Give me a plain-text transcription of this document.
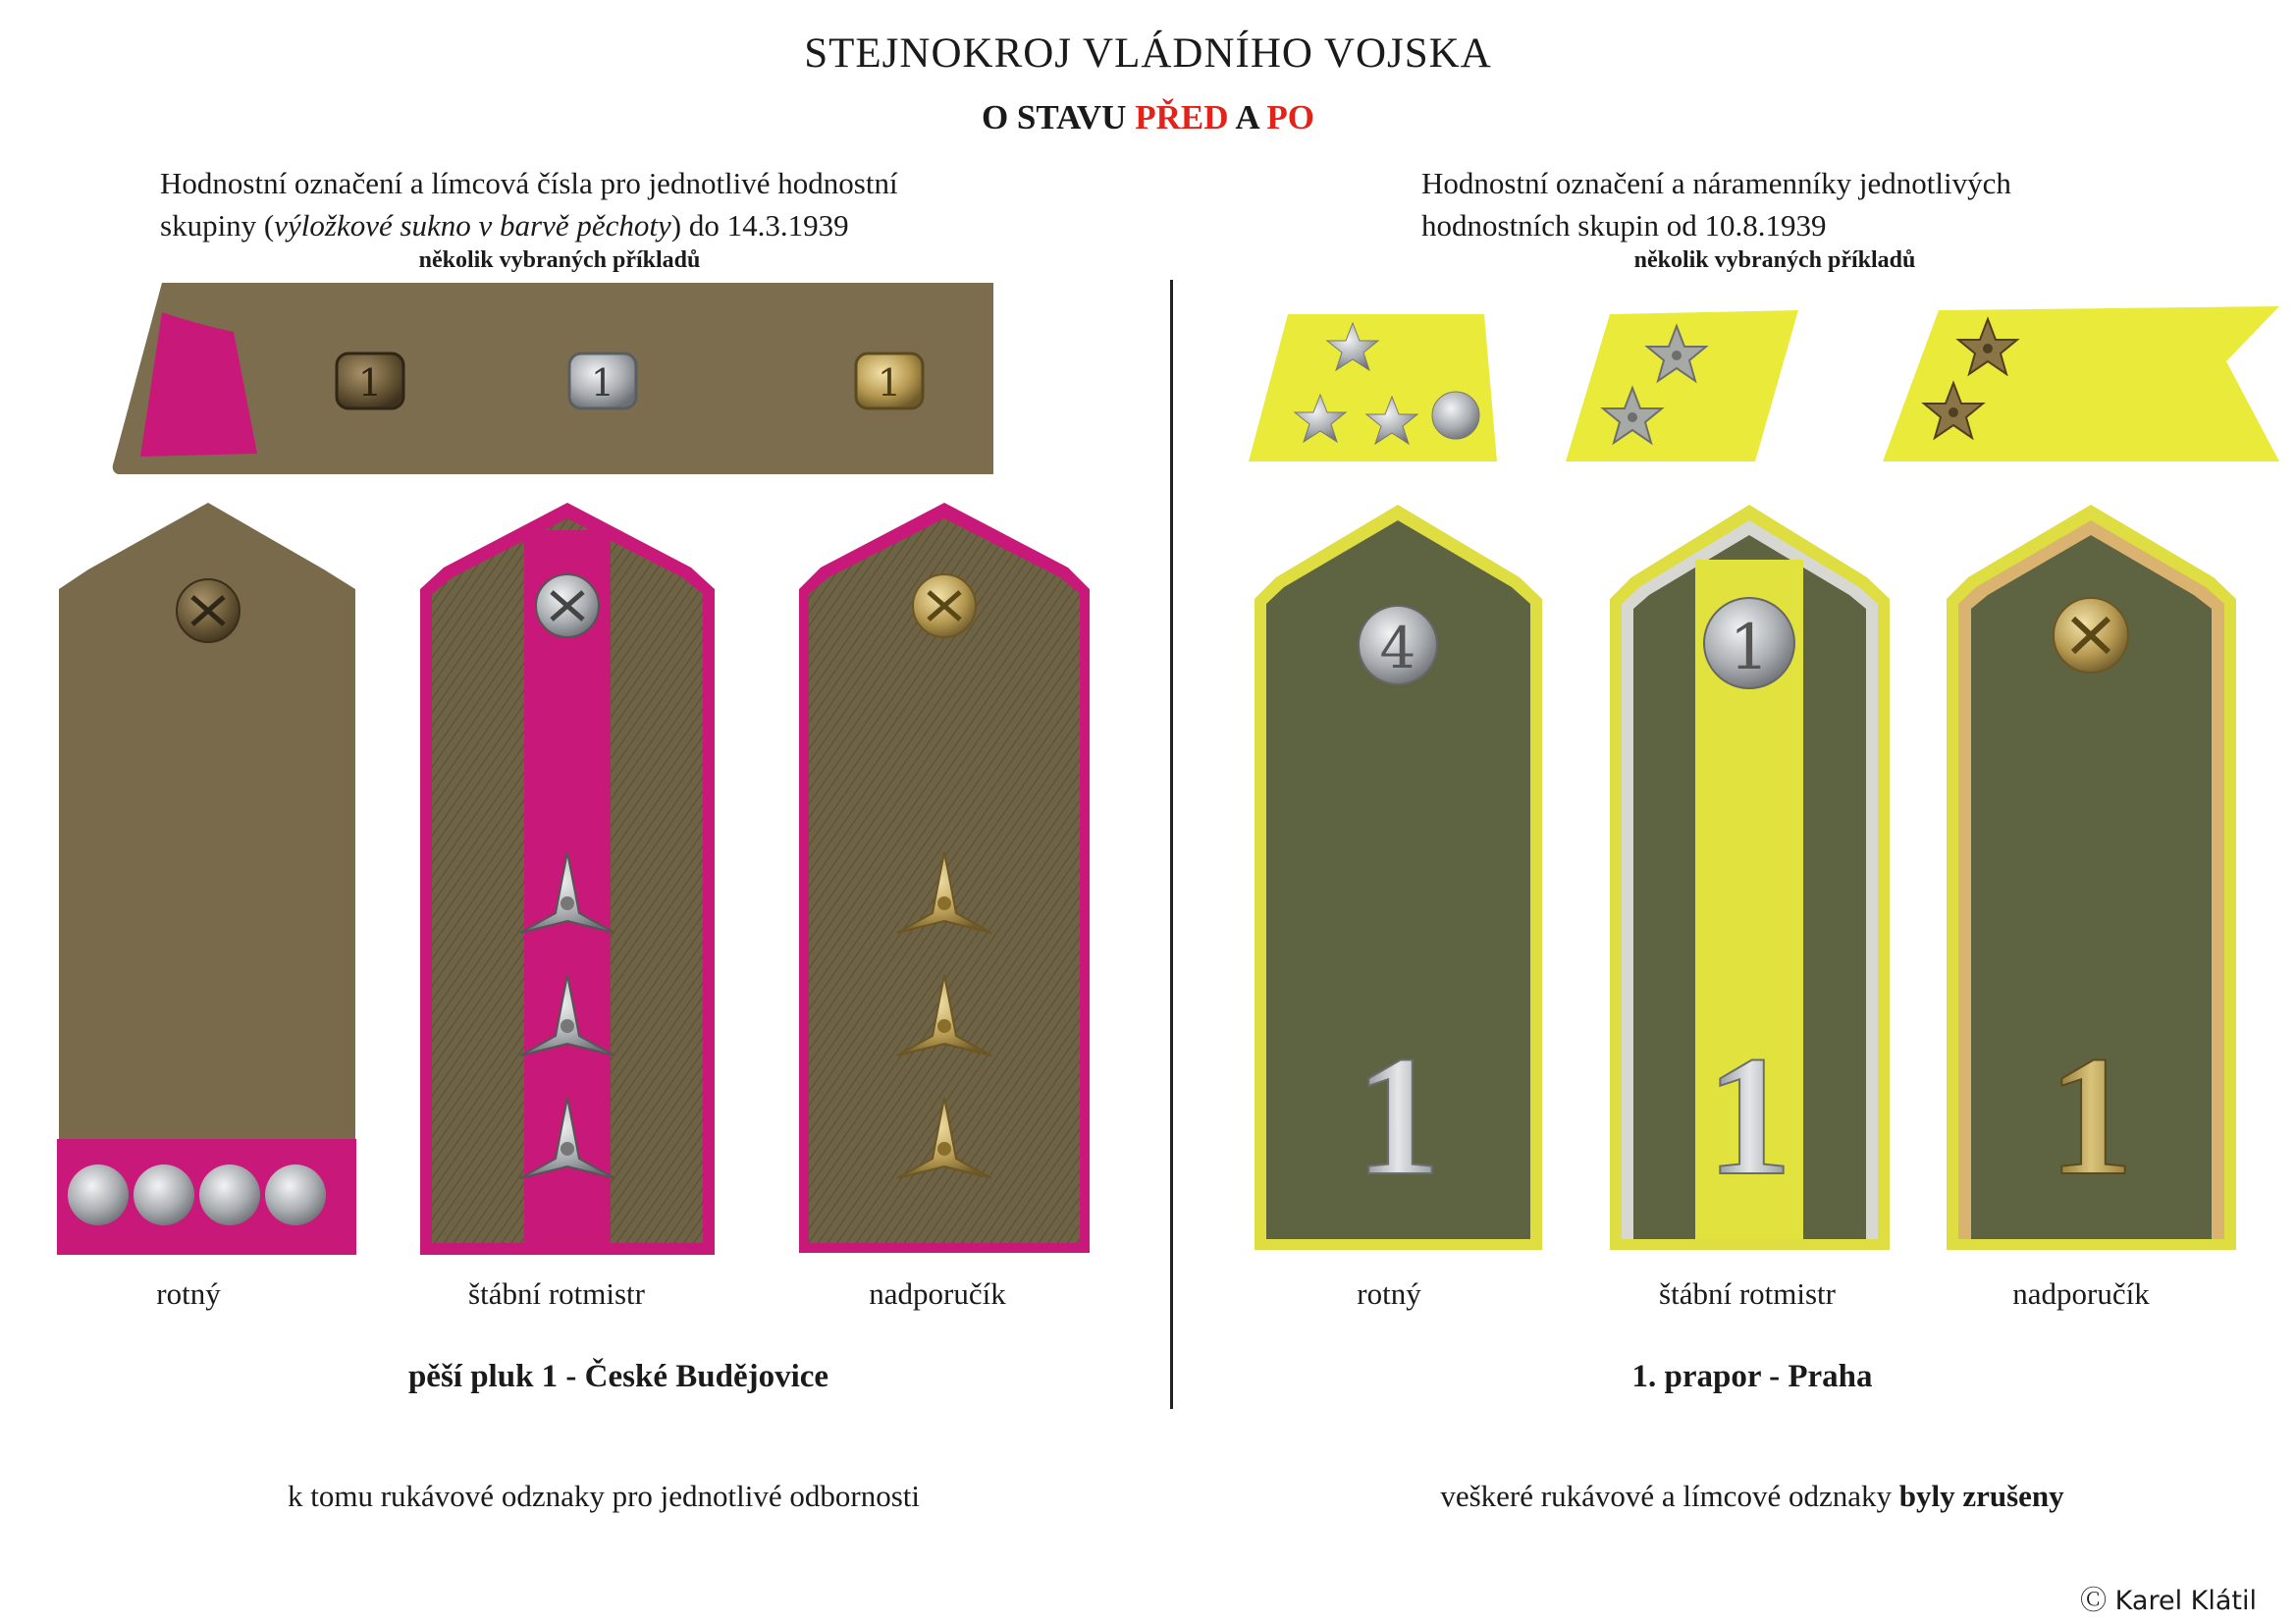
STEJNOKROJ VLÁDNÍHO VOJSKA
O STAVU PŘED A PO
Hodnostní označení a límcová čísla pro jednotlivé hodnostní
skupiny (výložkové sukno v barvě pěchoty) do 14.3.1939
několik vybraných příkladů
Hodnostní označení a náramenníky jednotlivých
hodnostních skupin od 10.8.1939
několik vybraných příkladů
1	1	1
4
1
1
1 1
rotný	štábní rotmistr	nadporučík	rotný	štábní rotmistr	nadporučík
pěší pluk 1 - České Budějovice	1. prapor - Praha
k tomu rukávové odznaky pro jednotlivé odbornosti	veškeré rukávové a límcové odznaky byly zrušeny
Ⓒ Karel Klátil
